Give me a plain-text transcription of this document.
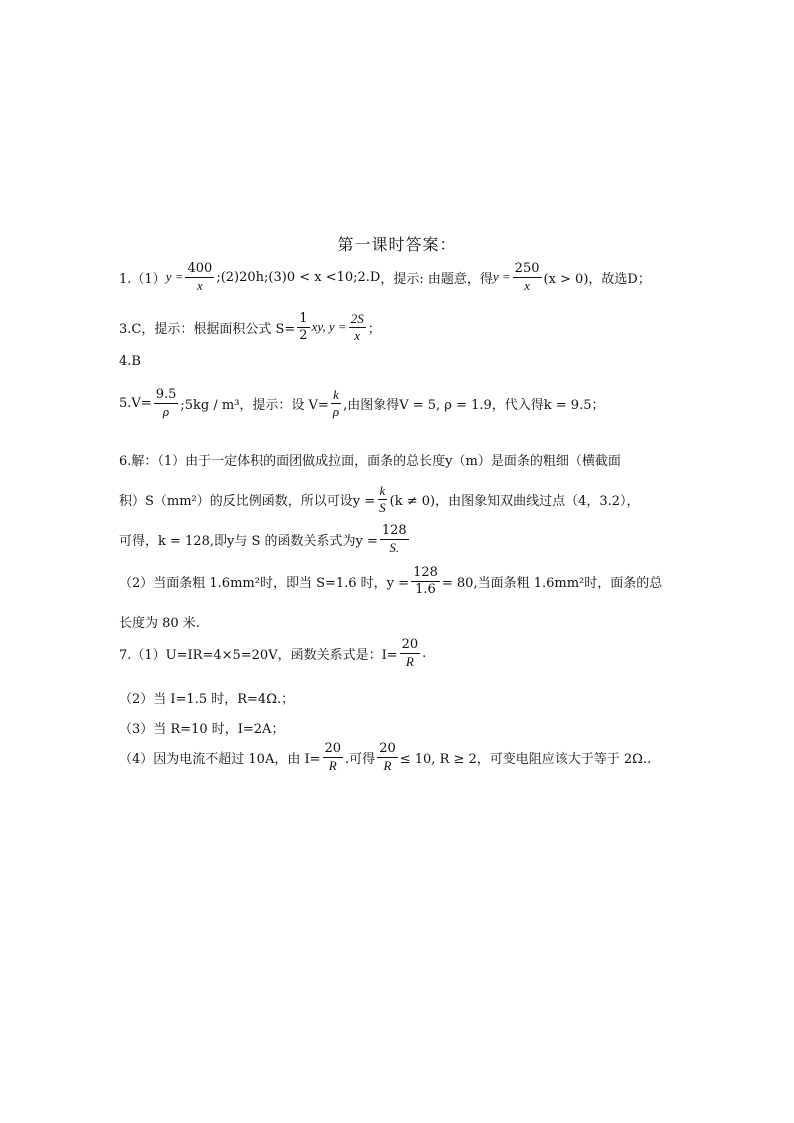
第一课时答案：
1.（1） $y = \frac{400}{x}$ ;(2)20h;(3)0 < x <10;2.D ，提示: 由题意，得 $y = \frac{250}{x} (x > 0)$，故选D；
3.C，提示：根据面积公式 $S= \frac{1}{2}$ xy, $y = \frac{2S}{x}$ ；
4.B
$5.V= \frac{9.5}{\rho}$ ;5kg / m³，提示：设 $V= \frac{k}{\rho}$ ,由图象得V = 5, ρ = 1.9，代入得k = 9.5；
6.解：（1）由于一定体积的面团做成拉面，面条的总长度y（m）是面条的粗细（横截面
积）S（mm²）的反比例函数，所以可设$y = \frac{k}{S} (k \ne 0)$，由图象知双曲线过点（4，3.2），
可得，k = 128,即y与 S 的函数关系式为$y = \frac{128}{S.}$
（2）当面条粗 1.6mm²时，即当 S=1.6 时，$y = \frac{128}{1.6} = 80$,当面条粗 1.6mm²时，面条的总
长度为 80 米.
7.（1）U=IR=4×5=20V，函数关系式是：$I= \frac{20}{R}$ .
（2）当 I=1.5 时，R=4Ω.；
（3）当 R=10 时，I=2A；
（4）因为电流不超过 10A，由 $I= \frac{20}{R}$ .可得 $\frac{20}{R} \le 10$, R ≥ 2，可变电阻应该大于等于 2Ω..
